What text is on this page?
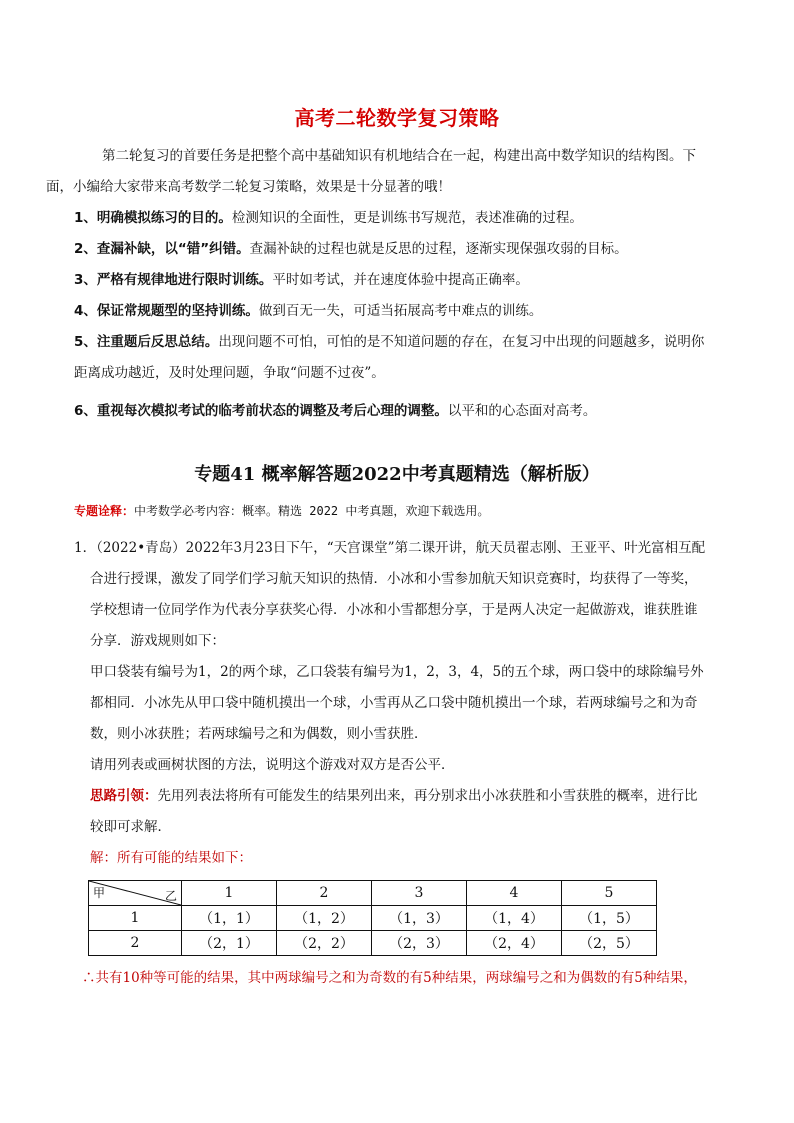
高考二轮数学复习策略
第二轮复习的首要任务是把整个高中基础知识有机地结合在一起，构建出高中数学知识的结构图。下
面，小编给大家带来高考数学二轮复习策略，效果是十分显著的哦！
1、明确模拟练习的目的。检测知识的全面性，更是训练书写规范，表述准确的过程。
2、查漏补缺，以“错”纠错。查漏补缺的过程也就是反思的过程，逐渐实现保强攻弱的目标。
3、严格有规律地进行限时训练。平时如考试，并在速度体验中提高正确率。
4、保证常规题型的坚持训练。做到百无一失，可适当拓展高考中难点的训练。
5、注重题后反思总结。出现问题不可怕，可怕的是不知道问题的存在，在复习中出现的问题越多，说明你
距离成功越近，及时处理问题，争取“问题不过夜”。
6、重视每次模拟考试的临考前状态的调整及考后心理的调整。以平和的心态面对高考。
专题41 概率解答题2022中考真题精选（解析版）
专题诠释：中考数学必考内容：概率。精选 2022 中考真题，欢迎下载选用。
1．（2022•青岛）2022年3月23日下午，“天宫课堂”第二课开讲，航天员翟志刚、王亚平、叶光富相互配
合进行授课，激发了同学们学习航天知识的热情．小冰和小雪参加航天知识竞赛时，均获得了一等奖，
学校想请一位同学作为代表分享获奖心得．小冰和小雪都想分享，于是两人决定一起做游戏，谁获胜谁
分享．游戏规则如下：
甲口袋装有编号为1，2的两个球，乙口袋装有编号为1，2，3，4，5的五个球，两口袋中的球除编号外
都相同．小冰先从甲口袋中随机摸出一个球，小雪再从乙口袋中随机摸出一个球，若两球编号之和为奇
数，则小冰获胜；若两球编号之和为偶数，则小雪获胜．
请用列表或画树状图的方法，说明这个游戏对双方是否公平．
思路引领：先用列表法将所有可能发生的结果列出来，再分别求出小冰获胜和小雪获胜的概率，进行比
较即可求解．
解：所有可能的结果如下：
甲 乙	1	2	3	4	5
1	（1，1）	（1，2）	（1，3）	（1，4）	（1，5）
2	（2，1）	（2，2）	（2，3）	（2，4）	（2，5）
∴共有10种等可能的结果，其中两球编号之和为奇数的有5种结果，两球编号之和为偶数的有5种结果，
